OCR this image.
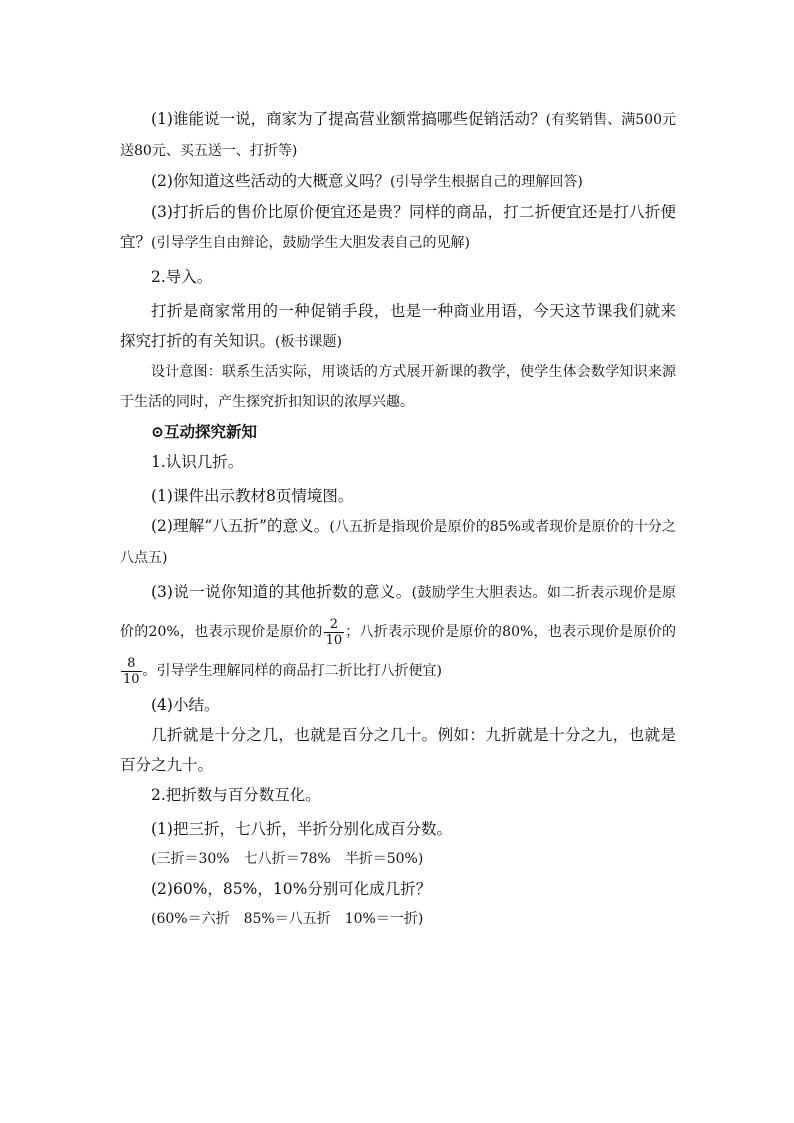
(1)谁能说一说，商家为了提高营业额常搞哪些促销活动？(有奖销售、满500元送80元、买五送一、打折等)

(2)你知道这些活动的大概意义吗？(引导学生根据自己的理解回答)

(3)打折后的售价比原价便宜还是贵？同样的商品，打二折便宜还是打八折便宜？(引导学生自由辩论，鼓励学生大胆发表自己的见解)

2.导入。

打折是商家常用的一种促销手段，也是一种商业用语，今天这节课我们就来探究打折的有关知识。(板书课题)

设计意图：联系生活实际，用谈话的方式展开新课的教学，使学生体会数学知识来源于生活的同时，产生探究折扣知识的浓厚兴趣。

⊙互动探究新知

1.认识几折。

(1)课件出示教材8页情境图。

(2)理解“八五折”的意义。(八五折是指现价是原价的85%或者现价是原价的十分之八点五)

(3)说一说你知道的其他折数的意义。(鼓励学生大胆表达。如二折表示现价是原价的20%，也表示现价是原价的 $\frac{2}{10}$ ；八折表示现价是原价的80%，也表示现价是原价的
$\frac{8}{10}$ 。引导学生理解同样的商品打二折比打八折便宜)

(4)小结。

几折就是十分之几，也就是百分之几十。例如：九折就是十分之九，也就是百分之九十。

2.把折数与百分数互化。

(1)把三折，七八折，半折分别化成百分数。

(三折＝30%　七八折＝78%　半折＝50%)

(2)60%，85%，10%分别可化成几折？

(60%＝六折　85%＝八五折　10%＝一折)
